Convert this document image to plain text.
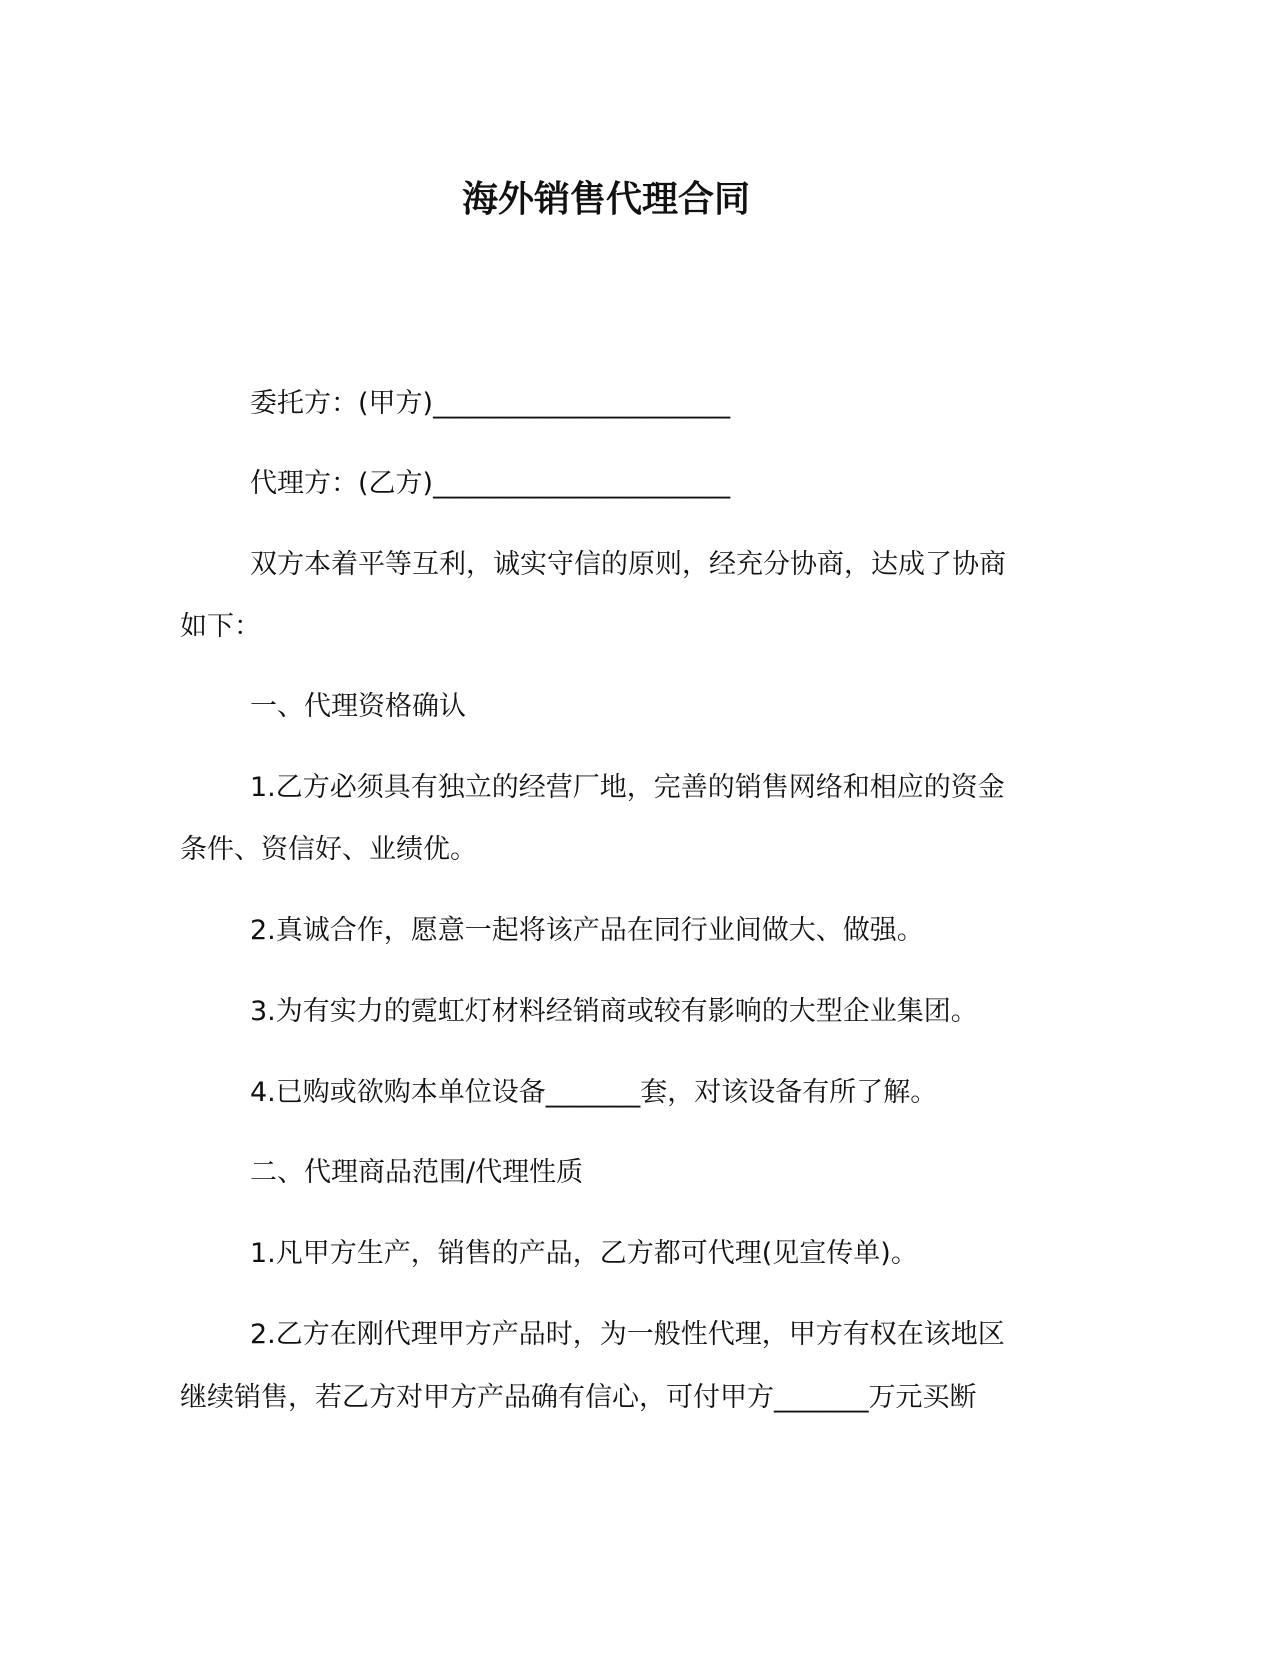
海外销售代理合同
委托方：(甲方)______________________
代理方：(乙方)______________________
双方本着平等互利，诚实守信的原则，经充分协商，达成了协商
如下：
一、代理资格确认
1.乙方必须具有独立的经营厂地，完善的销售网络和相应的资金
条件、资信好、业绩优。
2.真诚合作，愿意一起将该产品在同行业间做大、做强。
3.为有实力的霓虹灯材料经销商或较有影响的大型企业集团。
4.已购或欲购本单位设备_______套，对该设备有所了解。
二、代理商品范围/代理性质
1.凡甲方生产，销售的产品，乙方都可代理(见宣传单)。
2.乙方在刚代理甲方产品时，为一般性代理，甲方有权在该地区
继续销售，若乙方对甲方产品确有信心，可付甲方_______万元买断
